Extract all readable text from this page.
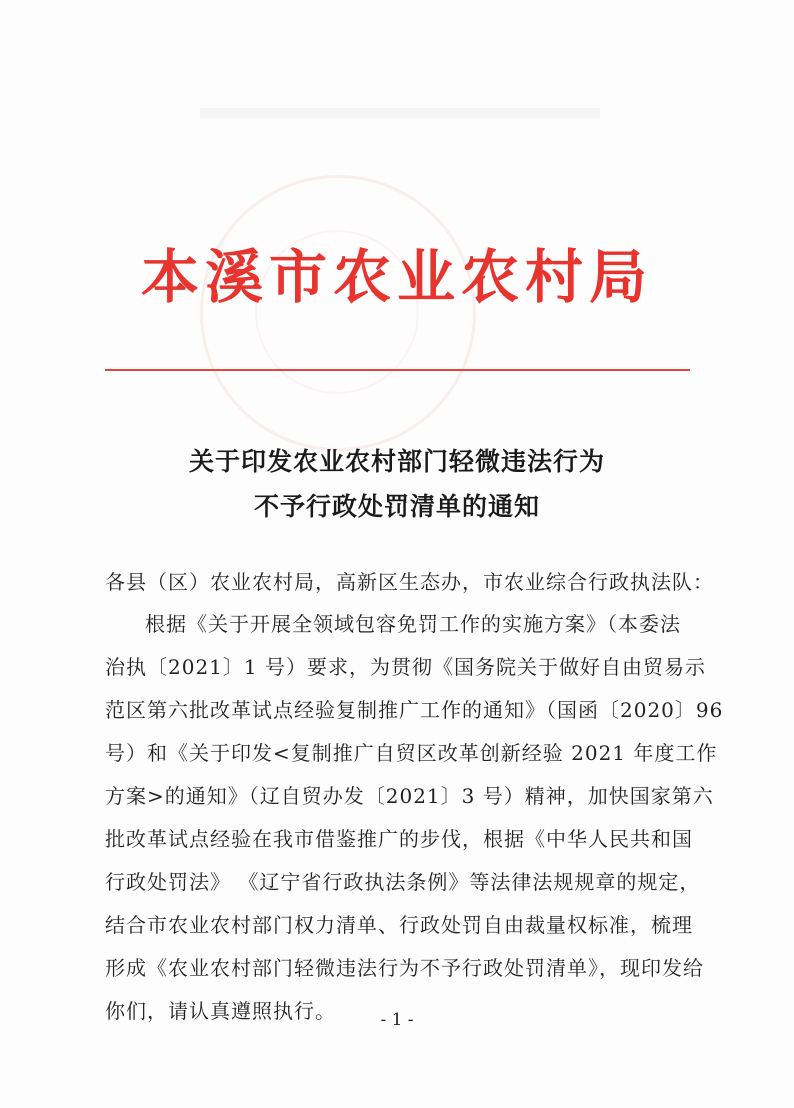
本溪市农业农村局
关于印发农业农村部门轻微违法行为
不予行政处罚清单的通知
各县（区）农业农村局，高新区生态办，市农业综合行政执法队：
根据《关于开展全领域包容免罚工作的实施方案》（本委法
治执〔2021〕1 号）要求，为贯彻《国务院关于做好自由贸易示
范区第六批改革试点经验复制推广工作的通知》（国函〔2020〕96
号）和《关于印发<复制推广自贸区改革创新经验 2021 年度工作
方案>的通知》（辽自贸办发〔2021〕3 号）精神，加快国家第六
批改革试点经验在我市借鉴推广的步伐，根据《中华人民共和国
行政处罚法》 《辽宁省行政执法条例》等法律法规规章的规定，
结合市农业农村部门权力清单、行政处罚自由裁量权标准，梳理
形成《农业农村部门轻微违法行为不予行政处罚清单》，现印发给
你们，请认真遵照执行。	- 1 -
